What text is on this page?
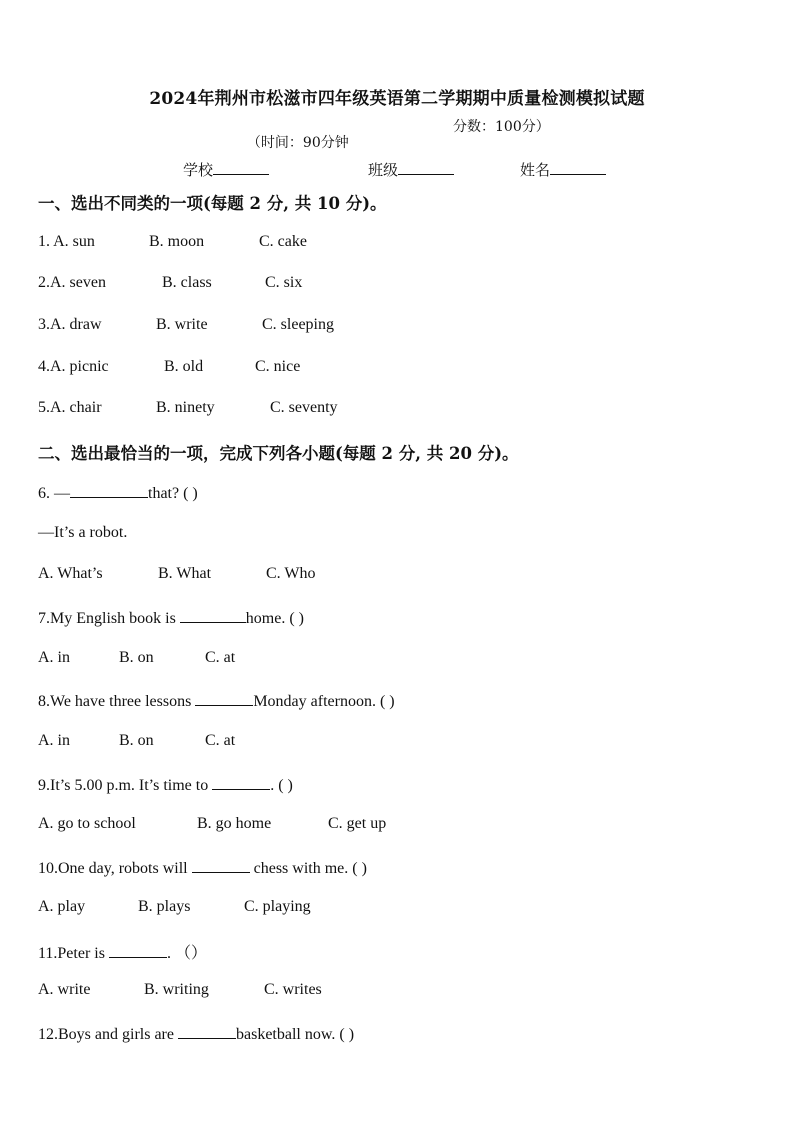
2024年荆州市松滋市四年级英语第二学期期中质量检测模拟试题

（时间：90分钟

分数：100分）

学校	班级	姓名
一、选出不同类的一项(每题 2 分, 共 10 分)。
1. A. sun	B. moon	C. cake
2.A. seven	B. class	C. six
3.A. draw	B. write	C. sleeping
4.A. picnic	B. old	C. nice
5.A. chair	B. ninety	C. seventy
二、选出最恰当的一项，完成下列各小题(每题 2 分, 共 20 分)。
6. —	that? ( )
—It’s a robot.
A. What’s	B. What	C. Who
7.My English book is	home. ( )
A. in	B. on	C. at
8.We have three lessons	Monday afternoon. ( )
A. in	B. on	C. at
9.It’s 5.00 p.m. It’s time to	. ( )
A. go to school	B. go home	C. get up
10.One day, robots will	chess with me. ( )
A. play	B. plays	C. playing
11.Peter is	. （）
A. write	B. writing	C. writes
12.Boys and girls are	basketball now. ( )
